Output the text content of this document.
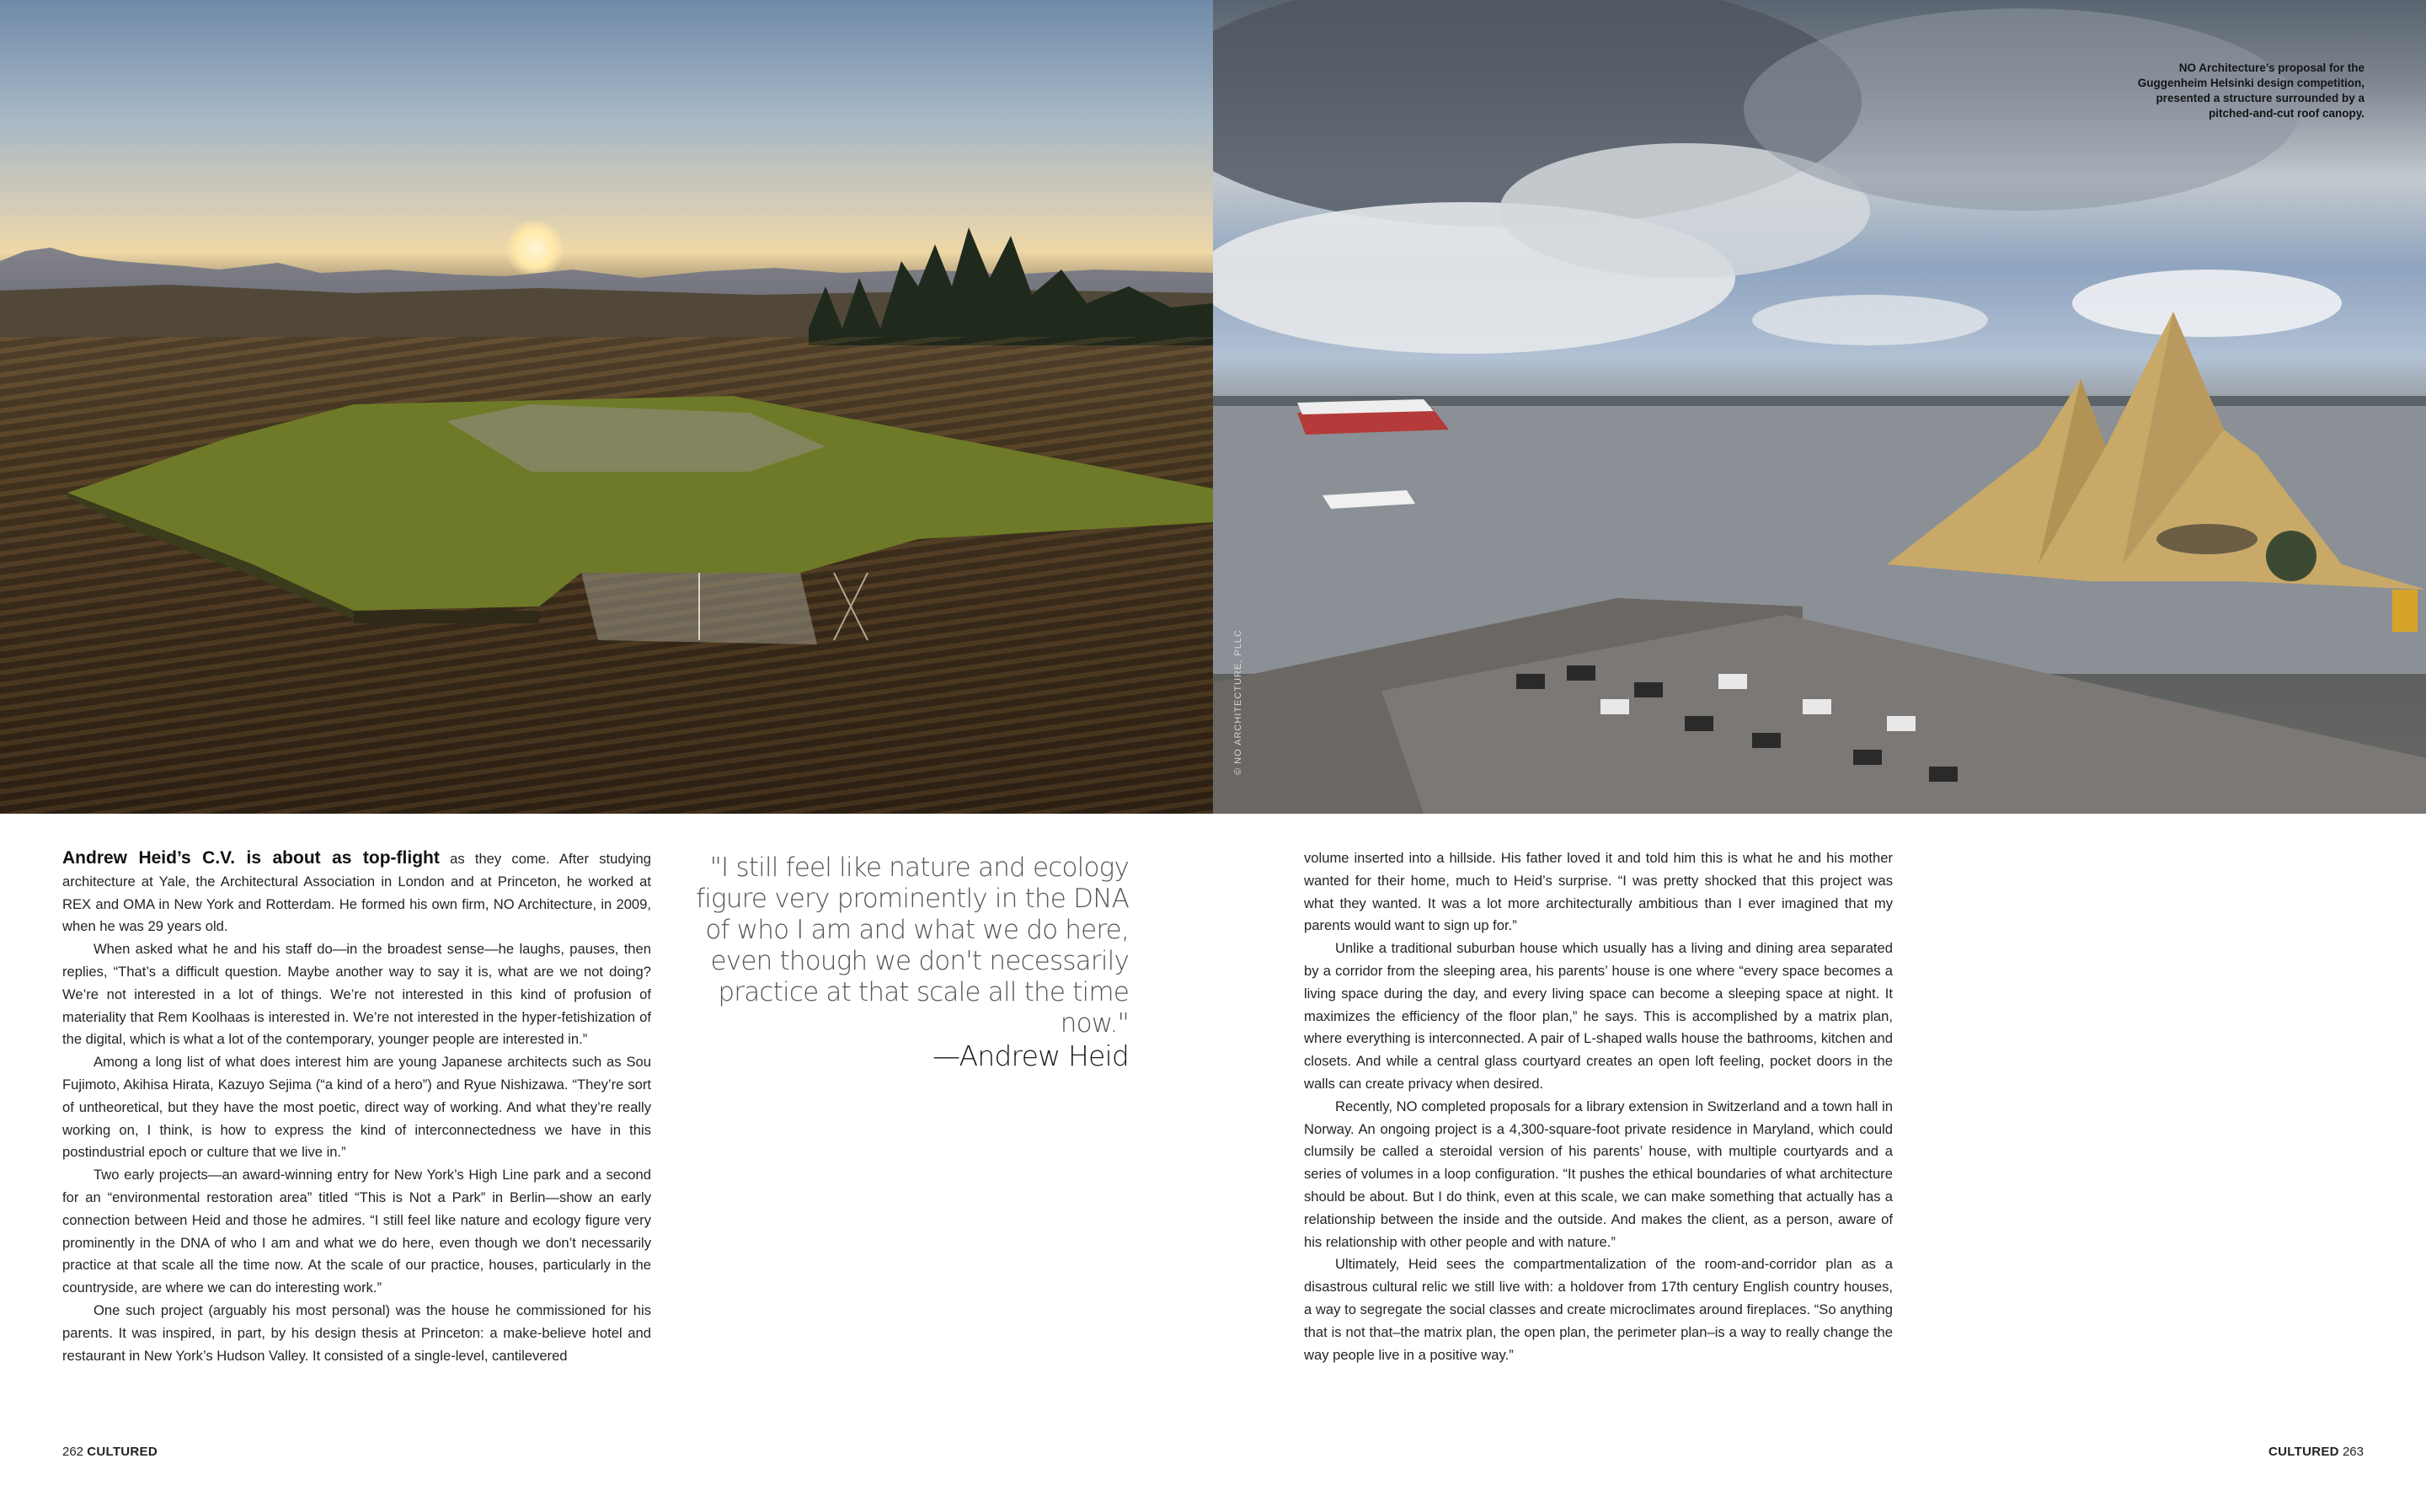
NO Architecture’s proposal for the
Guggenheim Helsinki design competition,
presented a structure surrounded by a
pitched-and-cut roof canopy.
© NO ARCHITECTURE, PLLC

Andrew Heid’s C.V. is about as top-flight as they come. After studying architecture at Yale, the Architectural Association in London and at Princeton, he worked at REX and OMA in New York and Rotterdam. He formed his own firm, NO Architecture, in 2009, when he was 29 years old.

When asked what he and his staff do—in the broadest sense—he laughs, pauses, then replies, “That’s a difficult question. Maybe another way to say it is, what are we not doing? We’re not interested in a lot of things. We’re not interested in this kind of profusion of materiality that Rem Koolhaas is interested in. We’re not interested in the hyper-fetishization of the digital, which is what a lot of the contemporary, younger people are interested in.”

Among a long list of what does interest him are young Japanese architects such as Sou Fujimoto, Akihisa Hirata, Kazuyo Sejima (“a kind of a hero”) and Ryue Nishizawa. “They’re sort of untheoretical, but they have the most poetic, direct way of working. And what they’re really working on, I think, is how to express the kind of interconnectedness we have in this postindustrial epoch or culture that we live in.”

Two early projects—an award-winning entry for New York’s High Line park and a second for an “environmental restoration area” titled “This is Not a Park” in Berlin—show an early connection between Heid and those he admires. “I still feel like nature and ecology figure very prominently in the DNA of who I am and what we do here, even though we don’t necessarily practice at that scale all the time now. At the scale of our practice, houses, particularly in the countryside, are where we can do interesting work.”

One such project (arguably his most personal) was the house he commissioned for his parents. It was inspired, in part, by his design thesis at Princeton: a make-believe hotel and restaurant in New York’s Hudson Valley. It consisted of a single-level, cantilevered

"I still feel like nature and ecology figure very prominently in the DNA of who I am and what we do here, even though we don't necessarily practice at that scale all the time now."
—Andrew Heid

volume inserted into a hillside. His father loved it and told him this is what he and his mother wanted for their home, much to Heid’s surprise. “I was pretty shocked that this project was what they wanted. It was a lot more architecturally ambitious than I ever imagined that my parents would want to sign up for.”

Unlike a traditional suburban house which usually has a living and dining area separated by a corridor from the sleeping area, his parents’ house is one where “every space becomes a living space during the day, and every living space can become a sleeping space at night. It maximizes the efficiency of the floor plan,” he says. This is accomplished by a matrix plan, where everything is interconnected. A pair of L-shaped walls house the bathrooms, kitchen and closets. And while a central glass courtyard creates an open loft feeling, pocket doors in the walls can create privacy when desired.

Recently, NO completed proposals for a library extension in Switzerland and a town hall in Norway. An ongoing project is a 4,300-square-foot private residence in Maryland, which could clumsily be called a steroidal version of his parents’ house, with multiple courtyards and a series of volumes in a loop configuration. “It pushes the ethical boundaries of what architecture should be about. But I do think, even at this scale, we can make something that actually has a relationship between the inside and the outside. And makes the client, as a person, aware of his relationship with other people and with nature.”

Ultimately, Heid sees the compartmentalization of the room-and-corridor plan as a disastrous cultural relic we still live with: a holdover from 17th century English country houses, a way to segregate the social classes and create microclimates around fireplaces. “So anything that is not that–the matrix plan, the open plan, the perimeter plan–is a way to really change the way people live in a positive way.”

262 CULTURED	CULTURED 263
